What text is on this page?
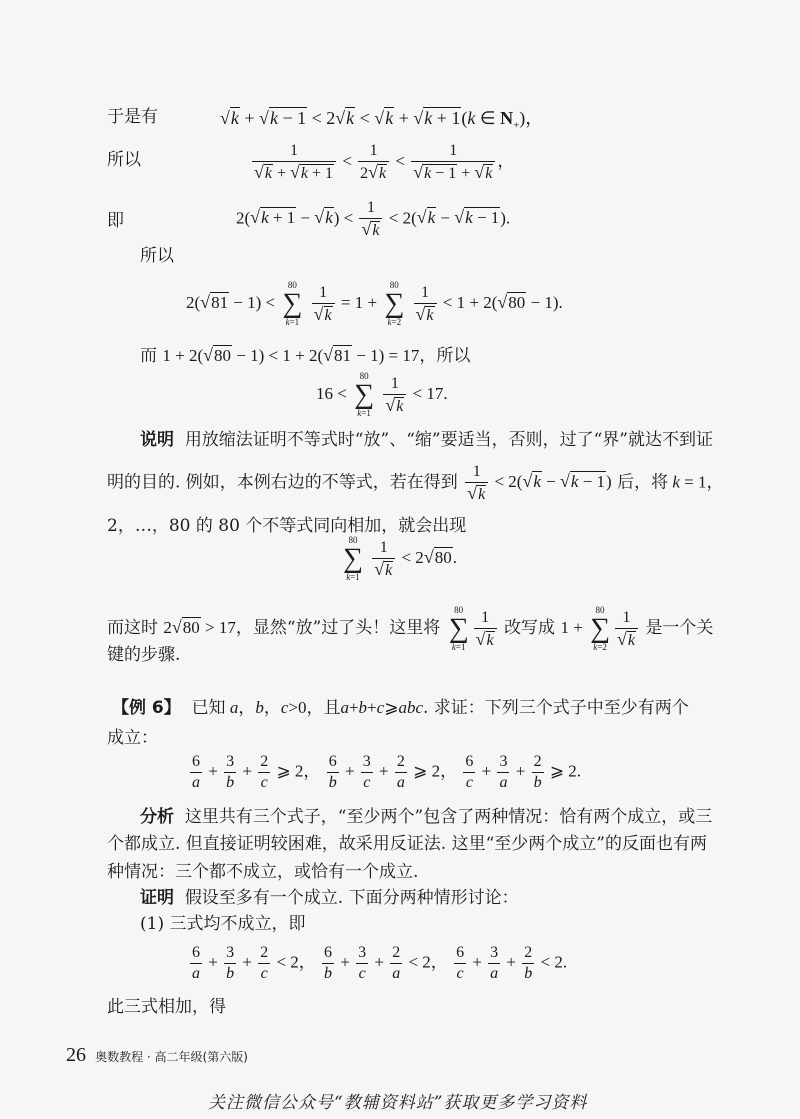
于是有	√k + √k − 1 < 2√k < √k + √k + 1(k ∈ $N_+$)，
所以	$\frac{1}{√k + √k + 1} < \frac{1}{2√k} < \frac{1}{√k - 1 + √k}$ ，
即	$2(√k + 1 - √k) < \frac{1}{√k} < 2(√k - √k - 1)$.
所以
2(√81 − 1) <
80
∑
k=1
$\frac{1}{√k} = 1$ +
80
∑
k=2
$\frac{1}{√k} < 1 + 2(√80 - 1)$.
而 1 + 2(√80 − 1) < 1 + 2(√81 − 1) = 17，所以
16 <
80
∑
k=1
$\frac{1}{√k} < 17$.
说明 用放缩法证明不等式时“放”、“缩”要适当，否则，过了“界”就达不到证
明的目的. 例如，本例右边的不等式，若在得到 $\frac{1}{√k} < 2(√k - √k - 1)$ 后，将 k = 1，
2，…，80 的 80 个不等式同向相加，就会出现
80
∑
k=1
$\frac{1}{√k} < 2√80$.
而这时 2√80 > 17，显然“放”过了头！这里将
80
∑
$k=1 \frac{1}{√k}$ 改写成 1 +
80
∑
$k=2 \frac{1}{√k}$ 是一个关
键的步骤.
【例 6】 已知 a，b，c>0，且a+b+c⩾abc. 求证：下列三个式子中至少有两个
成立：
$\frac{6}{a} + \frac{3}{b} + \frac{2}{c}$ ⩾ 2， $\frac{6}{b} + \frac{3}{c} + \frac{2}{a}$ ⩾ 2， $\frac{6}{c} + \frac{3}{a} + \frac{2}{b}$ ⩾ 2.
分析 这里共有三个式子，“至少两个”包含了两种情况：恰有两个成立，或三
个都成立. 但直接证明较困难，故采用反证法. 这里“至少两个成立”的反面也有两
种情况：三个都不成立，或恰有一个成立.
证明 假设至多有一个成立. 下面分两种情形讨论：
(1) 三式均不成立，即
$\frac{6}{a} + \frac{3}{b} + \frac{2}{c} < 2$， $\frac{6}{b} + \frac{3}{c} + \frac{2}{a} < 2$， $\frac{6}{c} + \frac{3}{a} + \frac{2}{b} < 2$.
此三式相加，得
26 奥数教程 · 高二年级(第六版)
关注微信公众号“教辅资料站”获取更多学习资料
